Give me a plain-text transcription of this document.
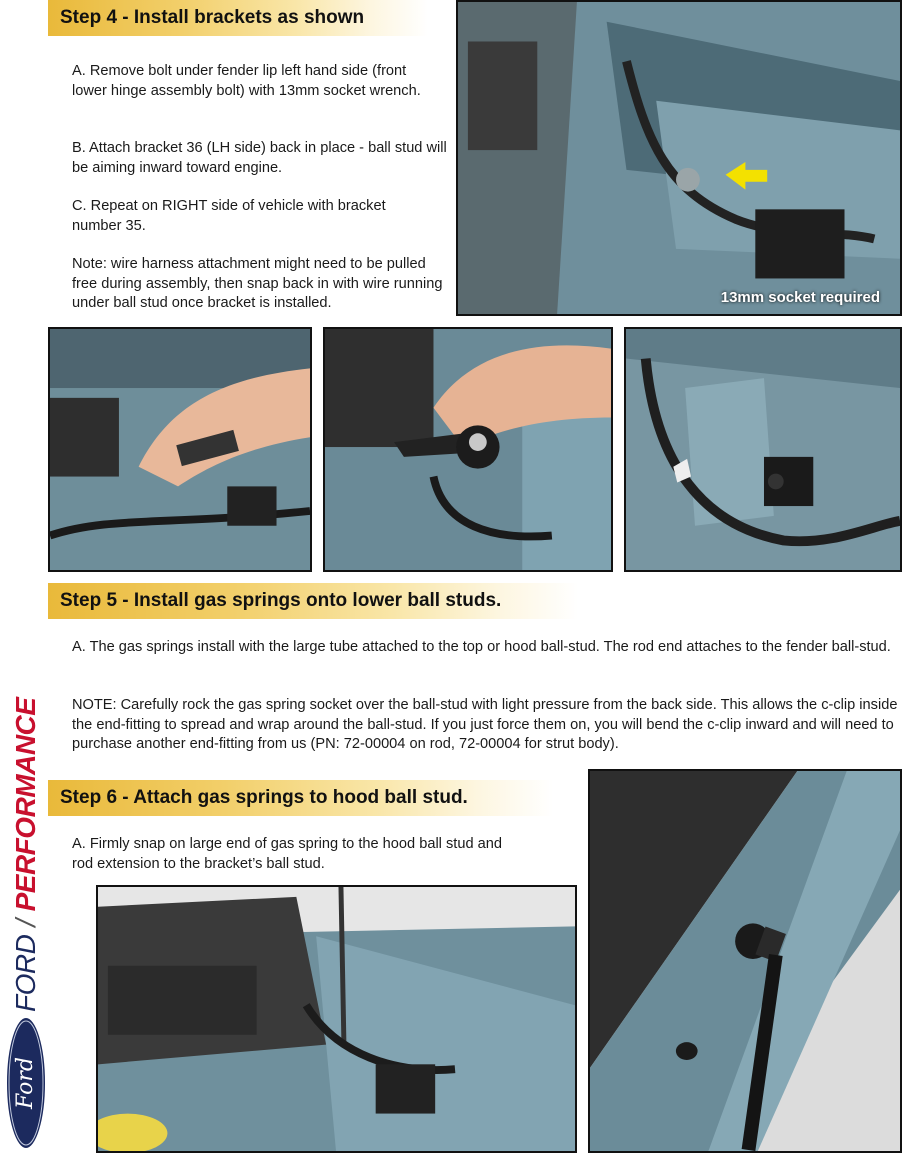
Step 4 - Install brackets as shown

A. Remove bolt under fender lip left hand side (front lower hinge assembly bolt) with 13mm socket wrench.

B. Attach bracket 36 (LH side) back in place - ball stud will be aiming inward toward engine.

C. Repeat on RIGHT side of vehicle with bracket number 35.

Note: wire harness attachment might need to be pulled free during assembly, then snap back in with wire running under ball stud once bracket is installed.	13mm socket required
Step 5 - Install gas springs onto lower ball studs.

A. The gas springs install with the large tube attached to the top or hood ball-stud. The rod end attaches to the fender ball-stud.

NOTE: Carefully rock the gas spring socket over the ball-stud with light pressure from the back side. This allows the c-clip inside the end-fitting to spread and wrap around the ball-stud. If you just force them on, you will bend the c-clip inward and will need to purchase another end-fitting from us (PN: 72-00004 on rod, 72-00004 for strut body).

Step 6 - Attach gas springs to hood ball stud.

A. Firmly snap on large end of gas spring to the hood ball stud and rod extension to the bracket’s ball stud.

FORD
/
PERFORMANCE
Ford
